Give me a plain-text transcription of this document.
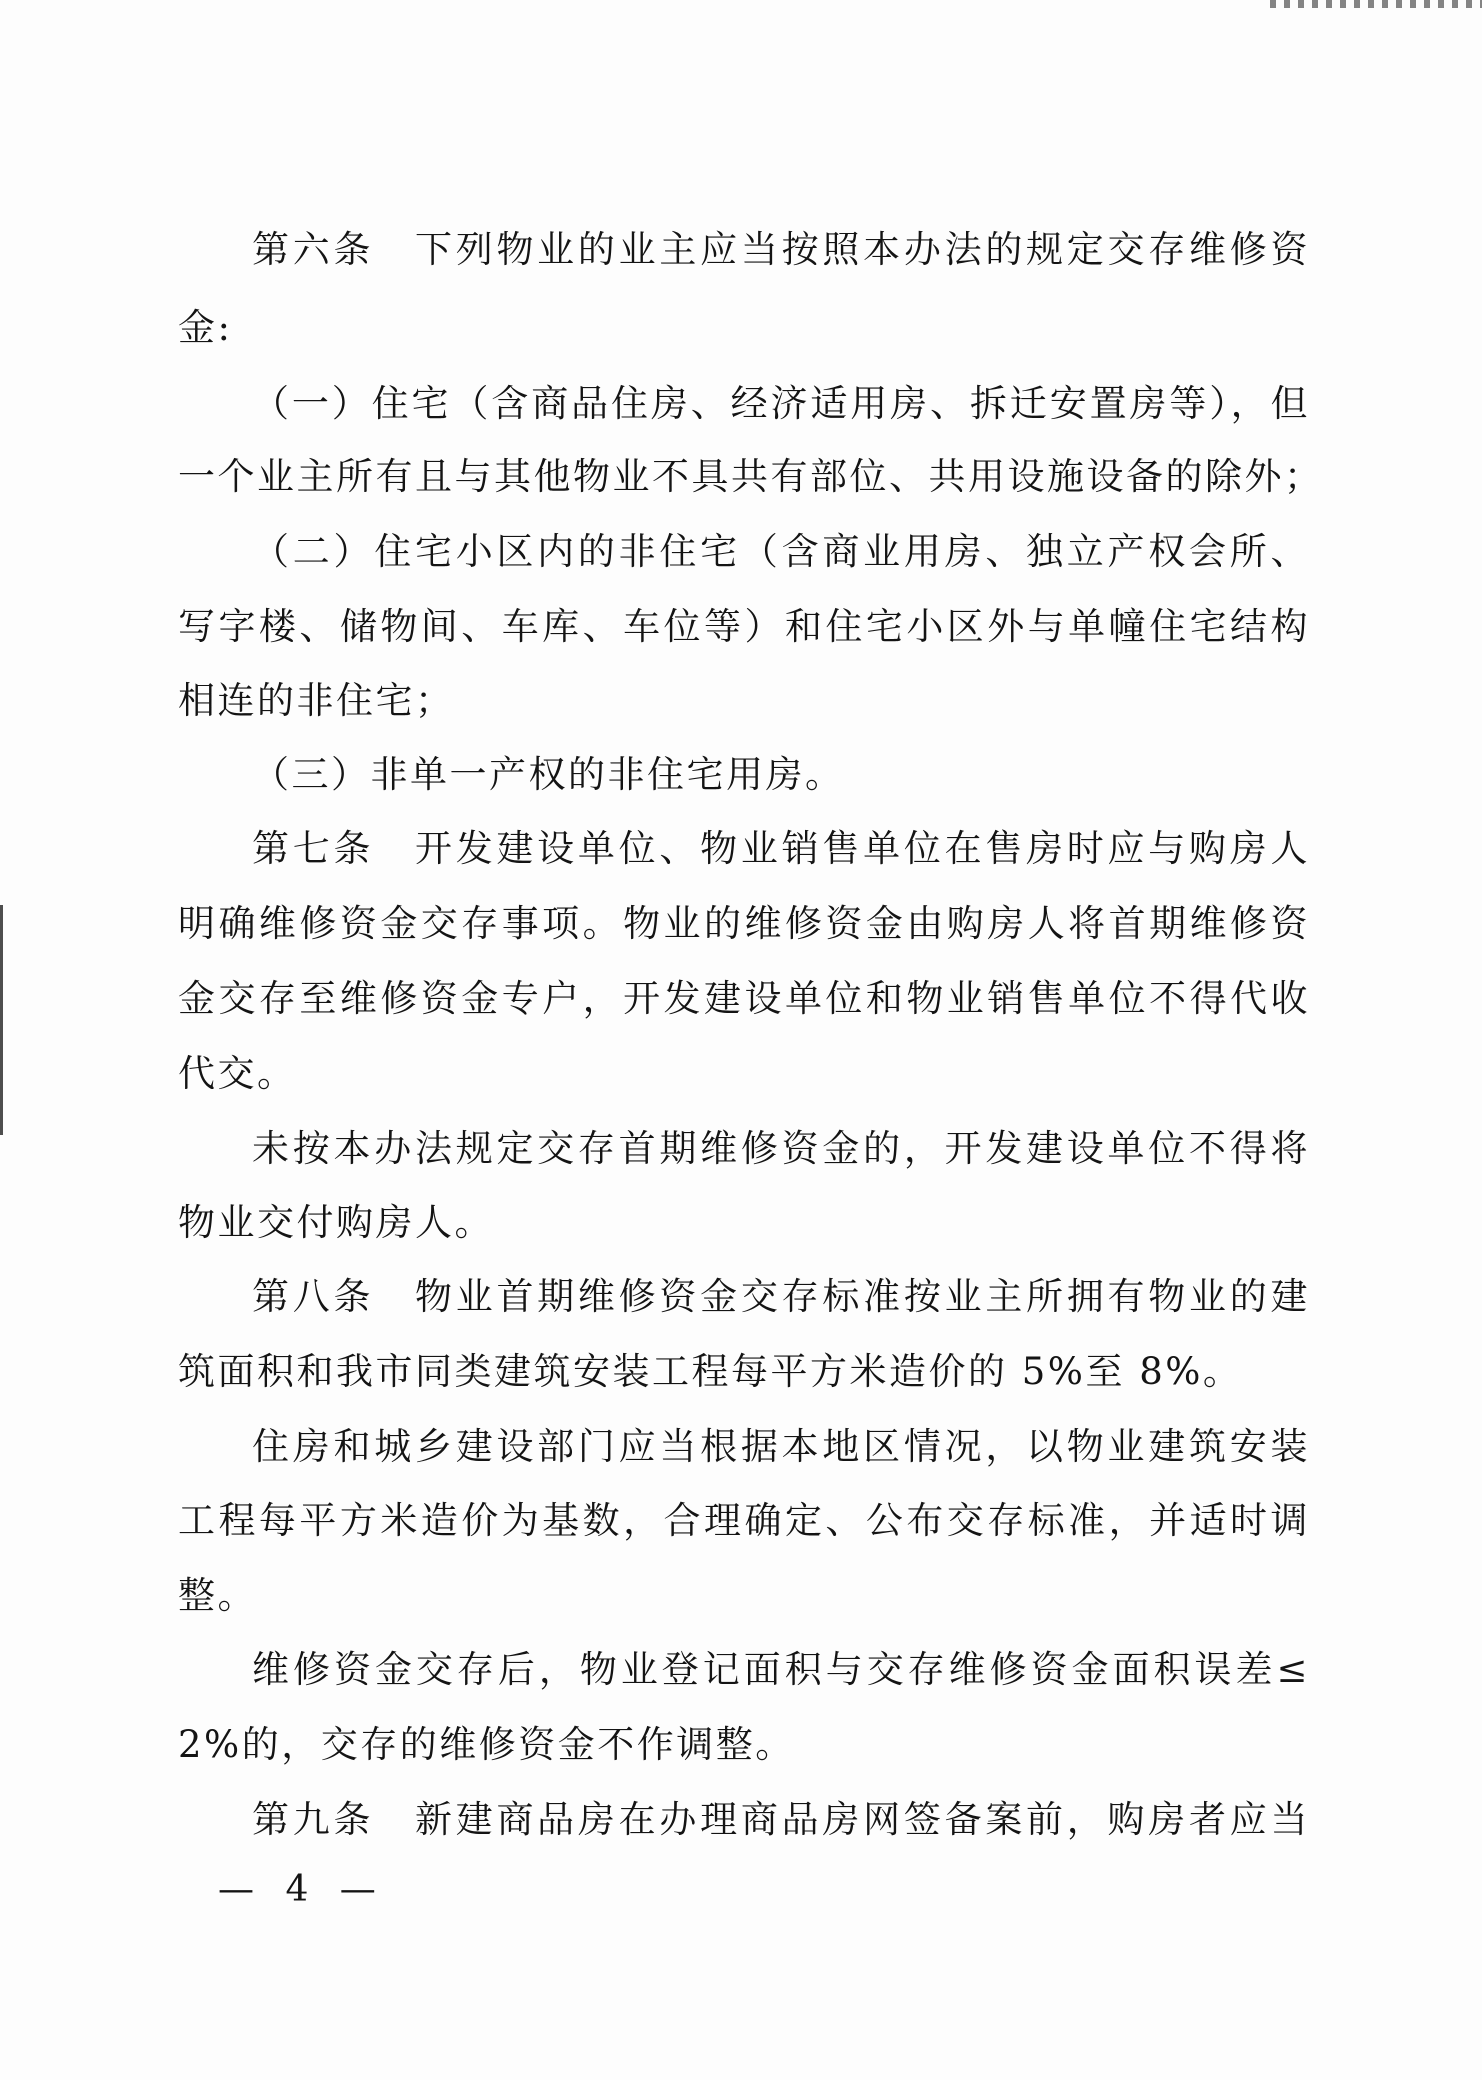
第六条　下列物业的业主应当按照本办法的规定交存维修资
金:
（一）住宅（含商品住房、经济适用房、拆迁安置房等），但
一个业主所有且与其他物业不具共有部位、共用设施设备的除外；
（二）住宅小区内的非住宅（含商业用房、独立产权会所、
写字楼、储物间、车库、车位等）和住宅小区外与单幢住宅结构
相连的非住宅；
（三）非单一产权的非住宅用房。
第七条　开发建设单位、物业销售单位在售房时应与购房人
明确维修资金交存事项。物业的维修资金由购房人将首期维修资
金交存至维修资金专户，开发建设单位和物业销售单位不得代收
代交。
未按本办法规定交存首期维修资金的，开发建设单位不得将
物业交付购房人。
第八条　物业首期维修资金交存标准按业主所拥有物业的建
筑面积和我市同类建筑安装工程每平方米造价的 5%至 8%。
住房和城乡建设部门应当根据本地区情况，以物业建筑安装
工程每平方米造价为基数，合理确定、公布交存标准，并适时调
整。
维修资金交存后，物业登记面积与交存维修资金面积误差≤
2%的，交存的维修资金不作调整。
第九条　新建商品房在办理商品房网签备案前，购房者应当
— 4 —
